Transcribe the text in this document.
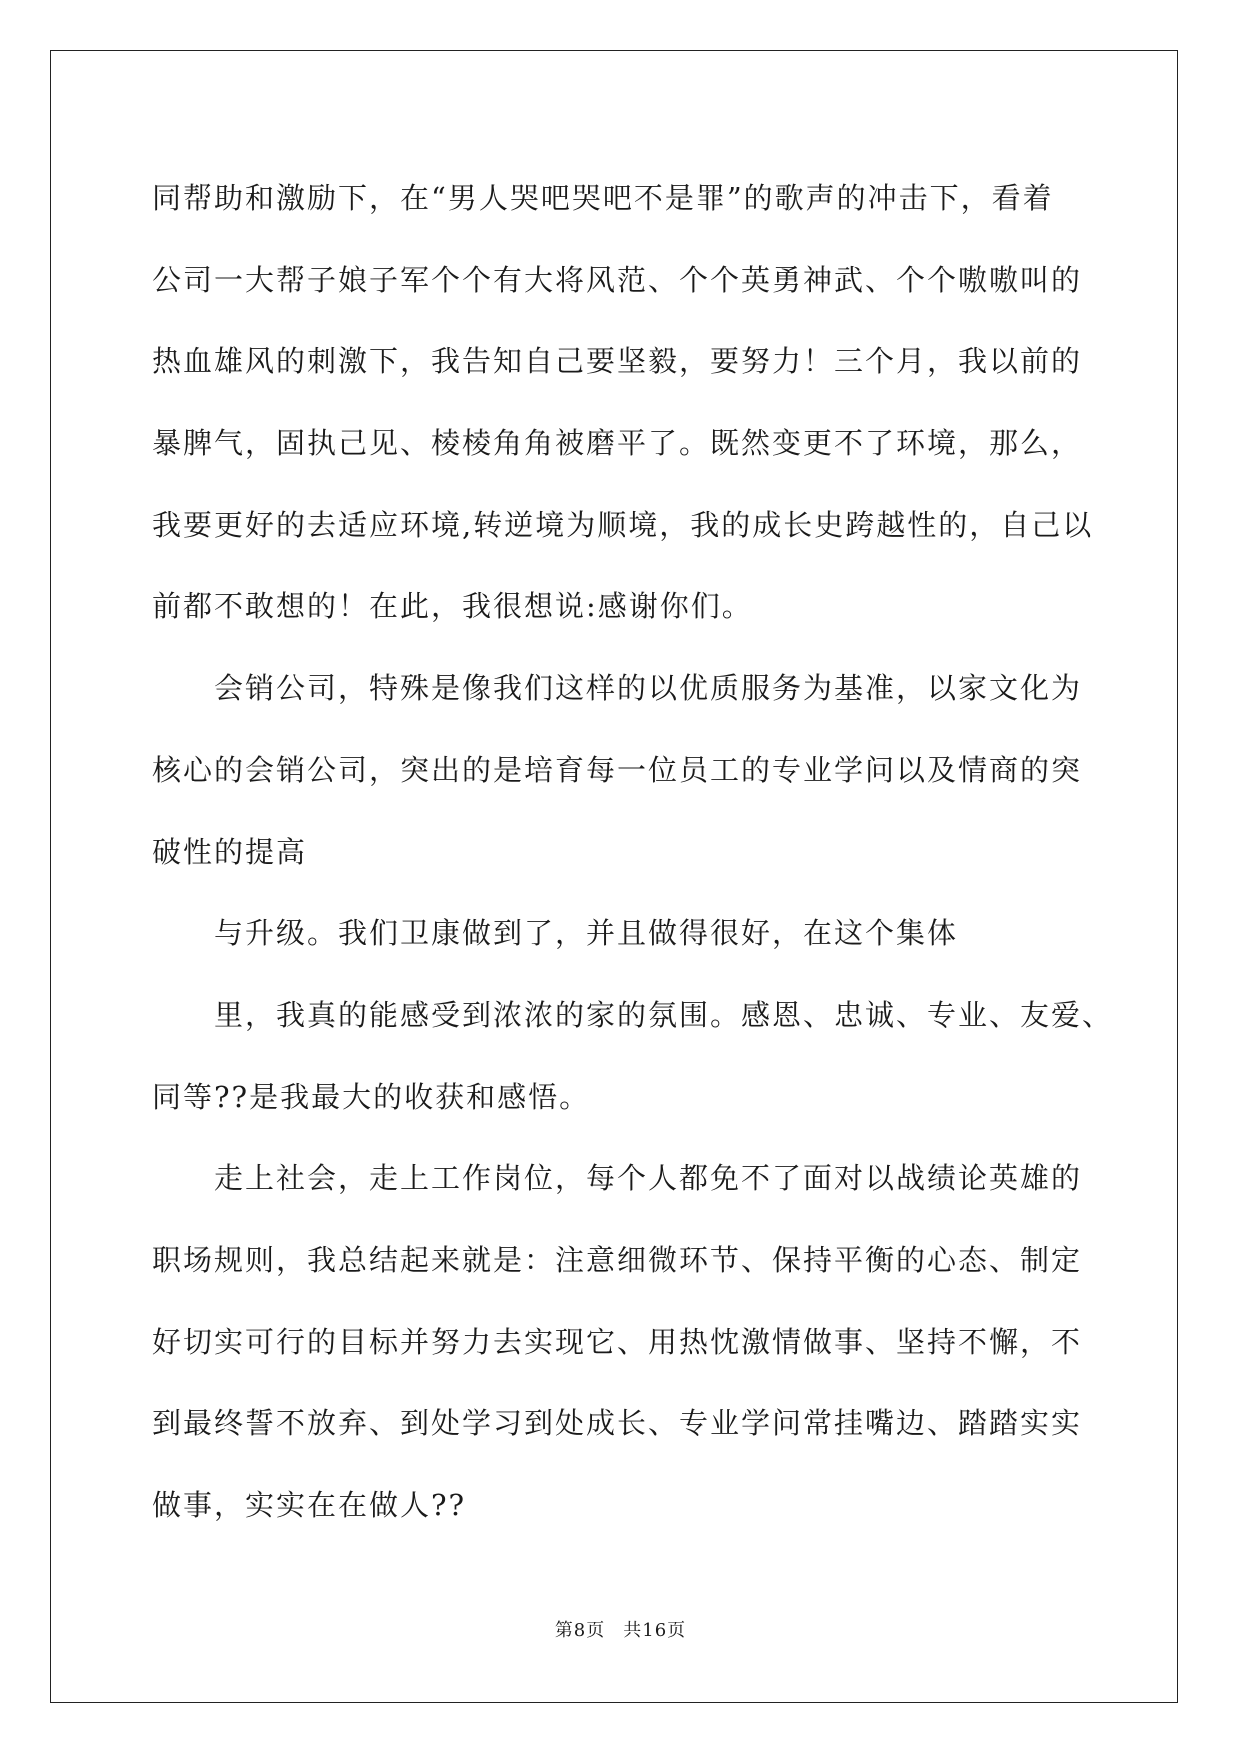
同帮助和激励下，在“男人哭吧哭吧不是罪”的歌声的冲击下，看着
公司一大帮子娘子军个个有大将风范、个个英勇神武、个个嗷嗷叫的
热血雄风的刺激下，我告知自己要坚毅，要努力！三个月，我以前的
暴脾气，固执己见、棱棱角角被磨平了。既然变更不了环境，那么，
我要更好的去适应环境,转逆境为顺境，我的成长史跨越性的，自己以
前都不敢想的！在此，我很想说:感谢你们。
会销公司，特殊是像我们这样的以优质服务为基准，以家文化为
核心的会销公司，突出的是培育每一位员工的专业学问以及情商的突
破性的提高
与升级。我们卫康做到了，并且做得很好，在这个集体
里，我真的能感受到浓浓的家的氛围。感恩、忠诚、专业、友爱、
同等??是我最大的收获和感悟。
走上社会，走上工作岗位，每个人都免不了面对以战绩论英雄的
职场规则，我总结起来就是：注意细微环节、保持平衡的心态、制定
好切实可行的目标并努力去实现它、用热忱激情做事、坚持不懈，不
到最终誓不放弃、到处学习到处成长、专业学问常挂嘴边、踏踏实实
做事，实实在在做人??
第8页 共16页
